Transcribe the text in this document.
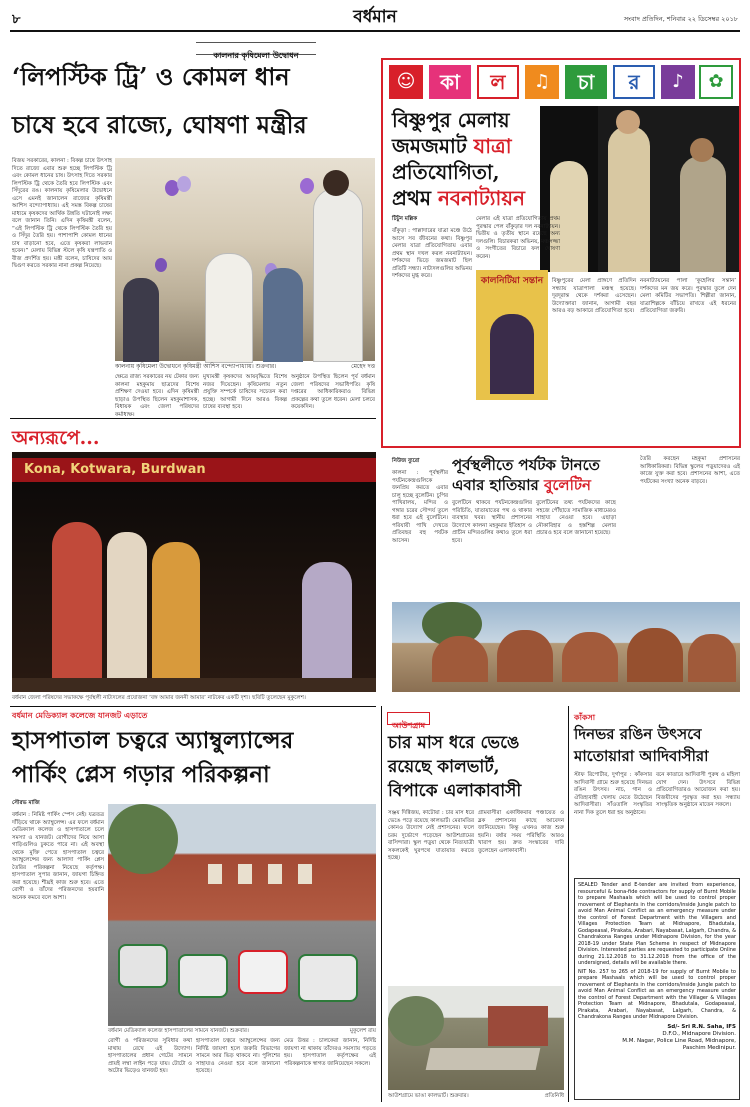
৮	বর্ধমান	সংবাদ প্রতিদিন, শনিবার ২২ ডিসেম্বর ২০১৮
কালনার কৃষিমেলা উদ্বোধন
‘লিপস্টিক ট্রি’ ও কোমল ধান
চাষে হবে রাজ্যে, ঘোষণা মন্ত্রীর
বিজয় সরকারের, কালনা : বিকল্প চাষে উৎসাহ দিতে রাজ্যে এবার শুরু হচ্ছে লিপস্টিক ট্রি এবং কোমল ধানের চাষ। উৎসাহ দিতে সরকার লিপস্টিক ট্রি থেকে তৈরি হবে লিপস্টিক এবং সিঁদুরের রঙ। কালনায় কৃষিমেলার উদ্বোধনে এসে এমনই জানালেন রাজ্যের কৃষিমন্ত্রী আশিস বন্দ্যোপাধ্যায়। এই সমস্ত বিকল্প চাষের মাধ্যমে কৃষকদের আর্থিক উন্নতি ঘটানোই লক্ষ্য বলে জানান তিনি। এদিন কৃষিমন্ত্রী বলেন, “এই লিপস্টিক ট্রি থেকে লিপস্টিক তৈরি হয় ও সিঁদুর তৈরি হয়। পাশাপাশি কোমল ধানের চাষ বাড়ানো হবে, এতে কৃষকরা লাভবান হবেন।” মেলায় বিভিন্ন স্টলে কৃষি যন্ত্রপাতি ও বীজ প্রদর্শিত হয়। মন্ত্রী বলেন, চাষিদের আয় দ্বিগুণ করতে সরকার নানা প্রকল্প নিয়েছে।
কালনায় কৃষিমেলা উদ্বোধনে কৃষিমন্ত্রী আশিস বন্দ্যোপাধ্যায়। শুক্রবার।	মেহেদ দত্ত
ক্ষেত্রে রাজ্য সরকারের নয় টেকার জন্য কালনা মহকুমায় ছাত্রদের বিশেষ প্রশিক্ষণ দেওয়া হবে। এদিন কৃষিমন্ত্রী ছাড়াও উপস্থিত ছিলেন মহকুমাশাসক, বিধায়ক এবং জেলা পরিষদের কর্মাধ্যক্ষ।
মুখ্যমন্ত্রী কৃষকদের আয়বৃদ্ধিতে বিশেষ নজর দিয়েছেন। কৃষিমেলায় নতুন প্রযুক্তি সম্পর্কে চাষিদের সচেতন করা হচ্ছে। আগামী দিনে আরও বিকল্প চাষের ব্যবস্থা হবে।
অনুষ্ঠানে উপস্থিত ছিলেন পূর্ব বর্ধমান জেলা পরিষদের সভাধিপতি। কৃষি দপ্তরের আধিকারিকরাও বিভিন্ন প্রকল্পের কথা তুলে ধরেন। মেলা চলবে কয়েকদিন।
☺	কা	ল	♫	চা	র	♪	✿
বিষ্ণুপুর মেলায়
জমজমাট যাত্রা
প্রতিযোগিতা,
প্রথম নবনাট্যায়ন
টিটুন মল্লিক
বাঁকুড়া : পাল্লাদারের যাত্রা মঞ্চে উঠে আসে সব জীবনের কথা। বিষ্ণুপুর মেলার যাত্রা প্রতিযোগিতায় এবার প্রথম স্থান দখল করল নবনাট্যায়ন। দর্শকদের ভিড়ে জমজমাট ছিল প্রতিটি সন্ধ্যা। নাট্যদলগুলির অভিনয় দর্শকদের মুগ্ধ করে।
মেলার এই যাত্রা প্রতিযোগিতায় প্রথম পুরস্কার পেল বাঁকুড়ার দল নবনাট্যায়ন। দ্বিতীয় ও তৃতীয় স্থানে রয়েছে অন্য দলগুলি। বিচারকরা অভিনয়, মঞ্চসজ্জা ও সংগীতের বিচারে ফল ঘোষণা করেন।
কালনিটিয়া সন্তান	বিষ্ণুপুরের মেলা প্রাঙ্গণে প্রতিদিন সন্ধ্যায় যাত্রাপালা মঞ্চস্থ হয়েছে। দূরদূরান্ত থেকে দর্শকরা এসেছেন। উদ্যোক্তারা জানান, আগামী বছর আরও বড় আকারে প্রতিযোগিতা হবে।
নবনাট্যায়নের পালা ‘কুহেলির সন্তান’ দর্শকদের মন জয় করে। পুরস্কার তুলে দেন মেলা কমিটির সভাপতি। শিল্পীরা জানান, যাত্রাশিল্পকে বাঁচিয়ে রাখতে এই ধরনের প্রতিযোগিতা জরুরি।
অন্যরূপে...
Kona, Kotwara, Burdwan
বর্ধমান জেলা পরিষদের সভাকক্ষে পূর্বস্থলী নাট্যদলের প্রযোজনা ‘বঙ্গ আমার জননী আমার’ নাটকের একটি দৃশ্য। ছবিটি তুলেছেন মুকুলেশ।
নিউজ ব্যুরো	পূর্বস্থলীতে পর্যটক টানতে
এবার হাতিয়ার বুলেটিন
কালনা : পূর্বস্থলীর পর্যটনকেন্দ্রগুলিকে জনপ্রিয় করতে এবার চালু হচ্ছে বুলেটিন। চুপির পাখিরালয়, মন্দির ও গঙ্গার চরের সৌন্দর্য তুলে ধরা হবে এই বুলেটিনে। পরিযায়ী পাখি দেখতে প্রতিবছর বহু পর্যটক আসেন।
বুলেটিনে থাকবে পর্যটনকেন্দ্রগুলির পরিচিতি, যাতায়াতের পথ ও থাকার ব্যবস্থার খবর। স্থানীয় প্রশাসনের উদ্যোগে কালনা মহকুমার ইতিহাস ও প্রাচীন মন্দিরগুলির কথাও তুলে ধরা হবে।
বুলেটিনের তথ্য পর্যটকদের কাছে সহজে পৌঁছাতে সামাজিক মাধ্যমেরও সাহায্য নেওয়া হবে। এছাড়া নৌকাবিহার ও হস্তশিল্প মেলার প্রচারও হবে বলে জানানো হয়েছে।
তৈরি করছেন মহকুমা প্রশাসনের আধিকারিকরা। বিভিন্ন স্কুলের পড়ুয়াদেরও এই কাজে যুক্ত করা হবে। প্রশাসনের আশা, এতে পর্যটকের সংখ্যা অনেক বাড়বে।
বর্ধমান মেডিক্যাল কলেজে যানজট এড়াতে
হাসপাতাল চত্বরে অ্যাম্বুল্যান্সের
পার্কিং প্লেস গড়ার পরিকল্পনা
সৌরভ মাজি
বর্ধমান : নিমিষ্ট পার্কিং স্পেস নেই। যত্রতত্র দাঁড়িয়ে থাকে অ্যাম্বুলেন্স। এর ফলে বর্ধমান মেডিক্যাল কলেজ ও হাসপাতালে চলে সমস্যা ও যানজট। রোগীদের নিয়ে আসা গাড়িগুলিও ঢুকতে পারে না। এই অবস্থা থেকে মুক্তি পেতে হাসপাতাল চত্বরে অ্যাম্বুলেন্সের জন্য আলাদা পার্কিং প্লেস তৈরির পরিকল্পনা নিয়েছে কর্তৃপক্ষ। হাসপাতাল সুপার জানান, জায়গা চিহ্নিত করা হয়েছে। শীঘ্রই কাজ শুরু হবে। এতে রোগী ও তাঁদের পরিজনদের হয়রানি অনেক কমবে বলে আশা।
বর্ধমান মেডিক্যাল কলেজ হাসপাতালের সামনে যানজট। শুক্রবার।	মুকুলেশ রায়
রোগী ও পরিজনদের সুবিধার কথা মাথায় রেখে এই উদ্যোগ। হাসপাতালের প্রধান গেটের সামনে প্রায়ই লম্বা লাইন পড়ে যায়। টোটো ও অটোর ভিড়েও যানজট হয়।
হাসপাতাল চত্বরে অ্যাম্বুলেন্সের জন্য নির্দিষ্ট জায়গা হলে জরুরি বিভাগের সামনে আর ভিড় থাকবে না। পুলিশের সাহায্যও নেওয়া হবে বলে জানানো হয়েছে।
মেড উত্তর : চালকেরা জানান, নির্দিষ্ট জায়গা না থাকায় তাঁদেরও সমস্যায় পড়তে হয়। হাসপাতাল কর্তৃপক্ষের এই পরিকল্পনাকে স্বাগত জানিয়েছেন সকলে।
আউশগ্রাম
চার মাস ধরে ভেঙে
রয়েছে কালভার্ট,
বিপাকে এলাকাবাসী
সঞ্জয় দিগ্বিজয়, কাটোয়া : চার মাস ধরে ভেঙে পড়ে রয়েছে কালভার্ট। মেরামতির কোনও উদ্যোগ নেই প্রশাসনের। ফলে চরম দুর্ভোগে পড়েছেন আউশগ্রামের বাসিন্দারা। স্কুল পড়ুয়া থেকে নিত্যযাত্রী সকলকেই ঘুরপথে যাতায়াত করতে হচ্ছে।
গ্রামবাসীরা একাধিকবার পঞ্চায়েত ও ব্লক প্রশাসনের কাছে আবেদন জানিয়েছেন। কিন্তু এখনও কাজ শুরু হয়নি। বর্ষার সময় পরিস্থিতি আরও খারাপ হয়। দ্রুত সংস্কারের দাবি তুলেছেন এলাকাবাসী।
আউশগ্রামে ভাঙা কালভার্ট। শুক্রবার।	প্রতিনিধি
কাঁকসা
দিনভর রঙিন উৎসবে
মাতোয়ারা আদিবাসীরা
স্টাফ রিপোর্টার, দুর্গাপুর : কাঁকসার আদিবাসী গ্রামে শুরু হয়েছে দিনভর রঙিন উৎসব। নাচ, গান ও ঐতিহ্যবাহী খেলায় মেতে উঠেছেন আদিবাসীরা। সাঁওতালি সংস্কৃতির নানা দিক তুলে ধরা হয় অনুষ্ঠানে।
বনে কাতারে আদিবাসী পুরুষ ও মহিলা যোগ দেন। উৎসবে বিভিন্ন প্রতিযোগিতারও আয়োজন করা হয়। বিজয়ীদের পুরস্কৃত করা হয়। সন্ধ্যায় সাংস্কৃতিক অনুষ্ঠানে মাতেন সকলে।
SEALED Tender and E-tender are invited from experience, resourceful & bona-fide contractors for supply of Burnt Mobile to prepare Mashaals which will be used to control proper movement of Elephants in the corridors/inside Jungle patch to avoid Man Animal Conflict as an emergency measure under the control of Forest Department with the Villagers and Villages Protection Team at Midnapore, Bhadutala, Godapeasal, Pirakata, Arabari, Nayabasat, Lalgarh, Chandra, & Chandrakona Ranges under Midnapore Division, for the year 2018-19 under State Plan Scheme in respect of Midnapore Division. Interested parties are requested to participate Online during 21.12.2018 to 31.12.2018 from the office of the undersigned, details will be available there.
NIT No. 257 to 265 of 2018-19 for supply of Burnt Mobile to prepare Mashaals which will be used to control proper movement of Elephants in the corridors/inside Jungle patch to avoid Man Animal Conflict as an emergency measure under the control of Forest Department with the Villager & Villages Protection Team at Midnapore, Bhadutala, Godapeasal, Pirakata, Arabari, Nayabasat, Lalgarh, Chandra, & Chandrakona Ranges under Midnapore Division.
Sd/- Sri R.N. Saha, IFS
D.F.O., Midnapore Division.
M.M. Nagar, Police Line Road, Midnapore,
Paschim Medinipur.
